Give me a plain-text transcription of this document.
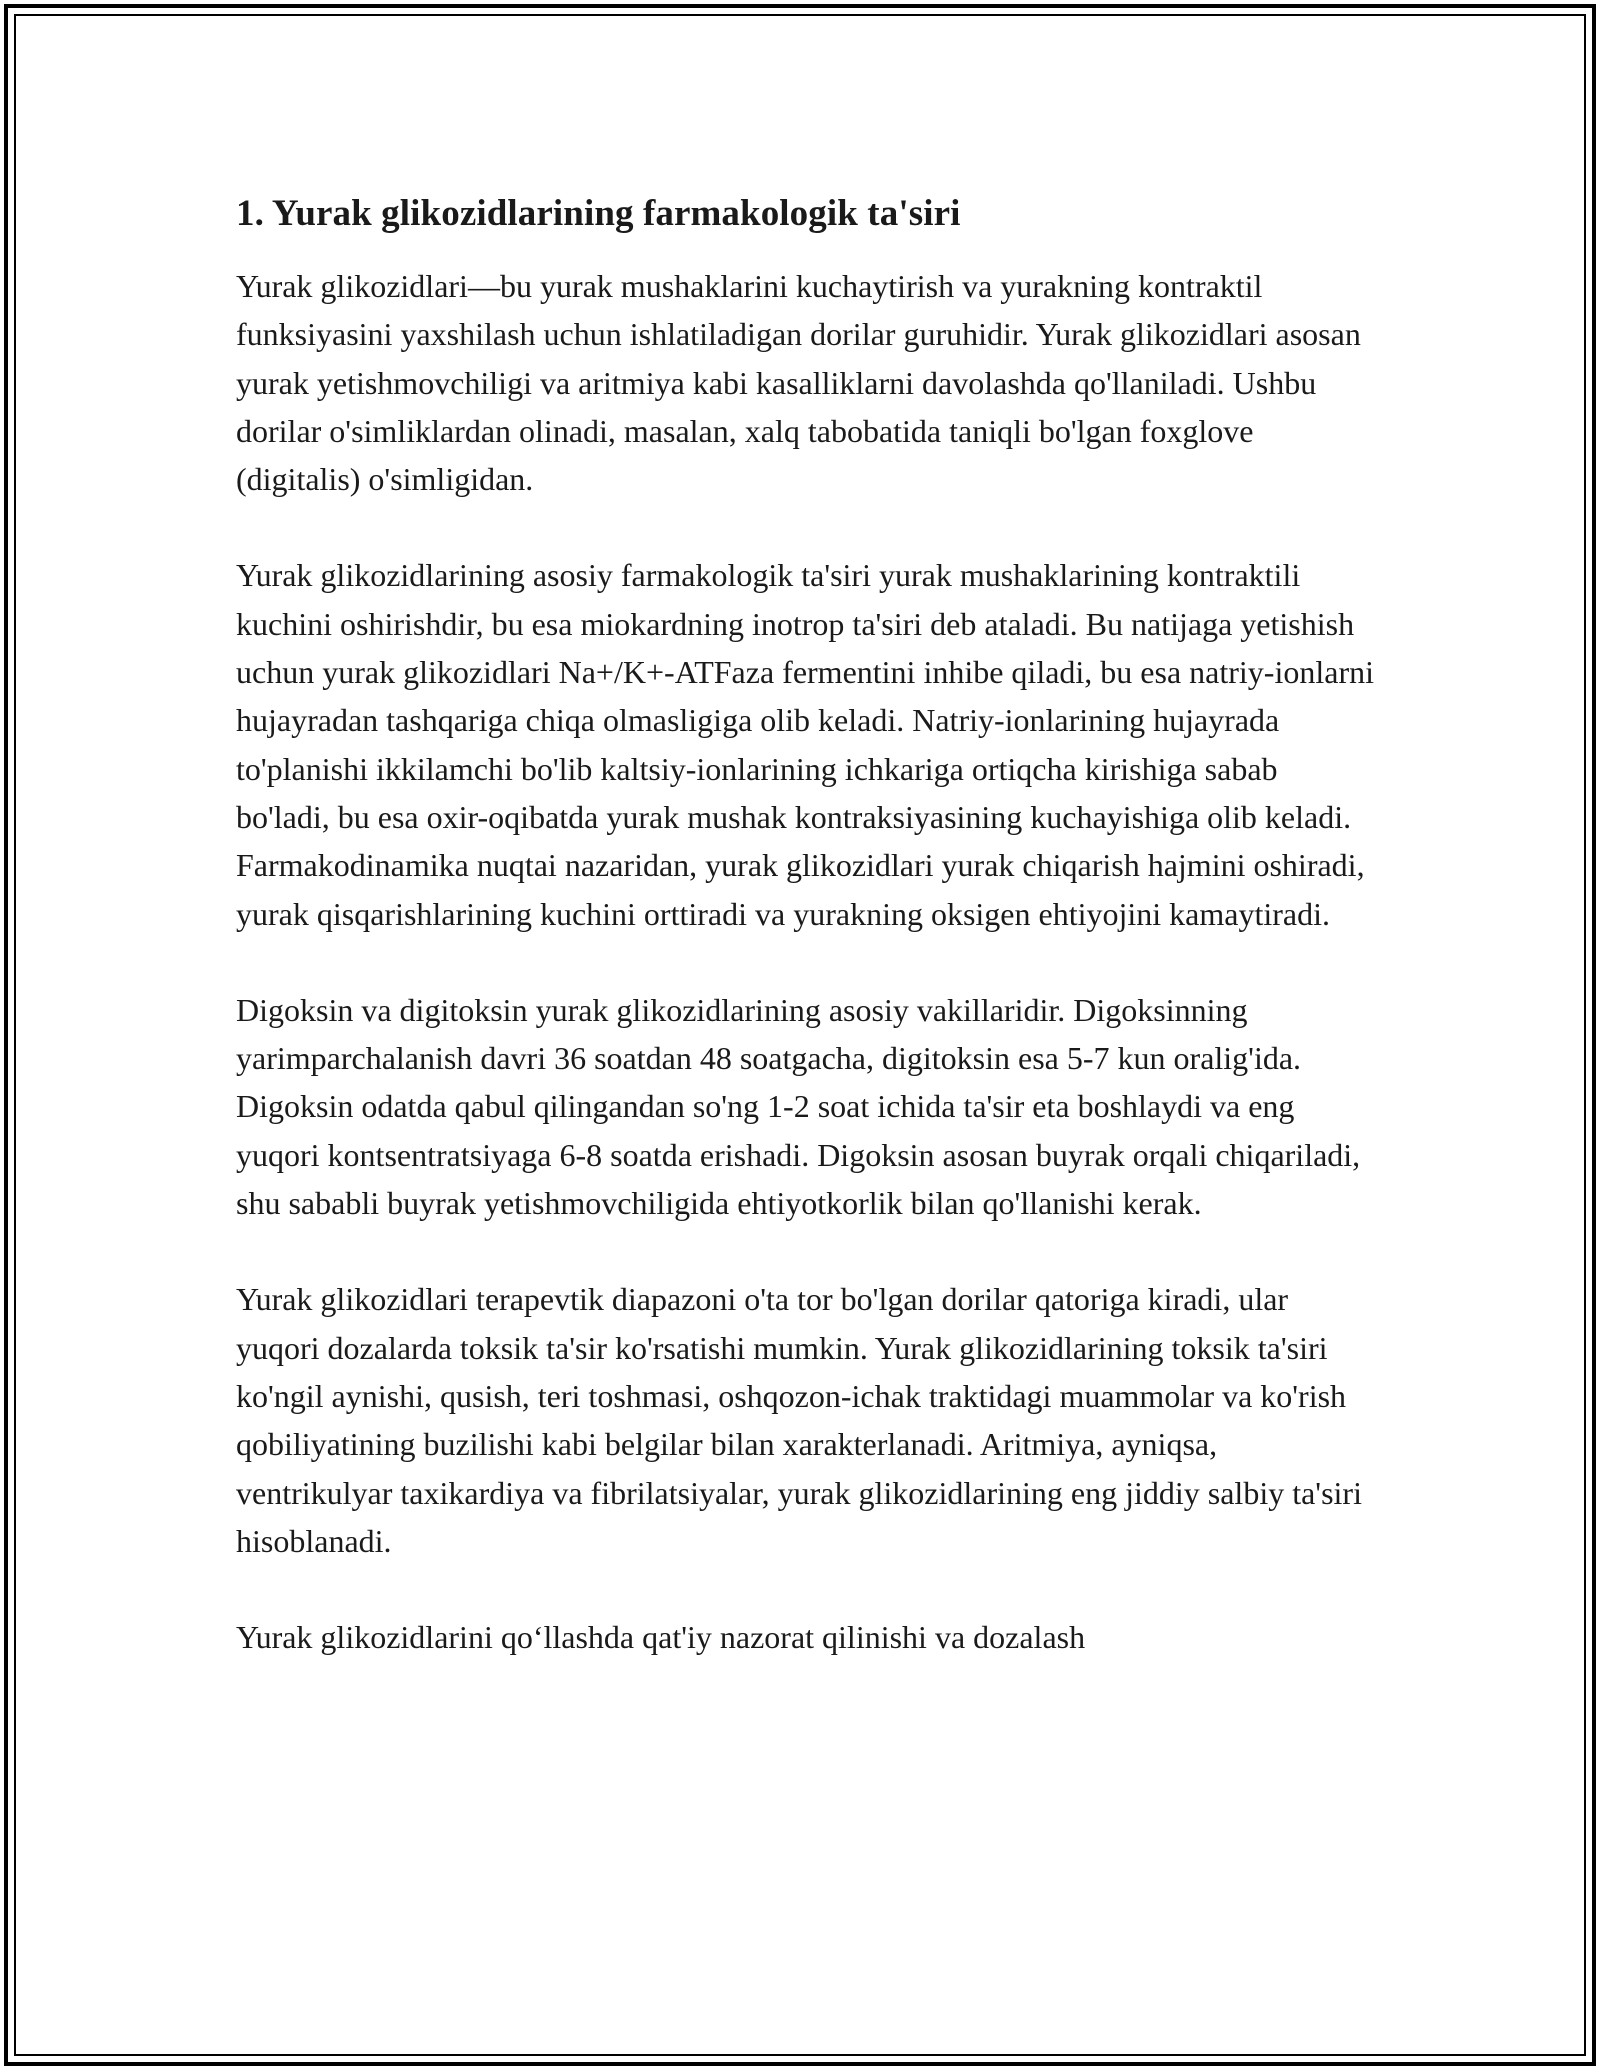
1. Yurak glikozidlarining farmakologik ta'siri

Yurak glikozidlari—bu yurak mushaklarini kuchaytirish va yurakning kontraktil funksiyasini yaxshilash uchun ishlatiladigan dorilar guruhidir. Yurak glikozidlari asosan yurak yetishmovchiligi va aritmiya kabi kasalliklarni davolashda qo'llaniladi. Ushbu dorilar o'simliklardan olinadi, masalan, xalq tabobatida taniqli bo'lgan foxglove (digitalis) o'simligidan.

Yurak glikozidlarining asosiy farmakologik ta'siri yurak mushaklarining kontraktili kuchini oshirishdir, bu esa miokardning inotrop ta'siri deb ataladi. Bu natijaga yetishish uchun yurak glikozidlari Na+/K+-ATFaza fermentini inhibe qiladi, bu esa natriy-ionlarni hujayradan tashqariga chiqa olmasligiga olib keladi. Natriy-ionlarining hujayrada to'planishi ikkilamchi bo'lib kaltsiy-ionlarining ichkariga ortiqcha kirishiga sabab bo'ladi, bu esa oxir-oqibatda yurak mushak kontraksiyasining kuchayishiga olib keladi. Farmakodinamika nuqtai nazaridan, yurak glikozidlari yurak chiqarish hajmini oshiradi, yurak qisqarishlarining kuchini orttiradi va yurakning oksigen ehtiyojini kamaytiradi.

Digoksin va digitoksin yurak glikozidlarining asosiy vakillaridir. Digoksinning yarimparchalanish davri 36 soatdan 48 soatgacha, digitoksin esa 5-7 kun oralig'ida. Digoksin odatda qabul qilingandan so'ng 1-2 soat ichida ta'sir eta boshlaydi va eng yuqori kontsentratsiyaga 6-8 soatda erishadi. Digoksin asosan buyrak orqali chiqariladi, shu sababli buyrak yetishmovchiligida ehtiyotkorlik bilan qo'llanishi kerak.

Yurak glikozidlari terapevtik diapazoni o'ta tor bo'lgan dorilar qatoriga kiradi, ular yuqori dozalarda toksik ta'sir ko'rsatishi mumkin. Yurak glikozidlarining toksik ta'siri ko'ngil aynishi, qusish, teri toshmasi, oshqozon-ichak traktidagi muammolar va ko'rish qobiliyatining buzilishi kabi belgilar bilan xarakterlanadi. Aritmiya, ayniqsa, ventrikulyar taxikardiya va fibrilatsiyalar, yurak glikozidlarining eng jiddiy salbiy ta'siri hisoblanadi.

Yurak glikozidlarini qo‘llashda qat'iy nazorat qilinishi va dozalash
